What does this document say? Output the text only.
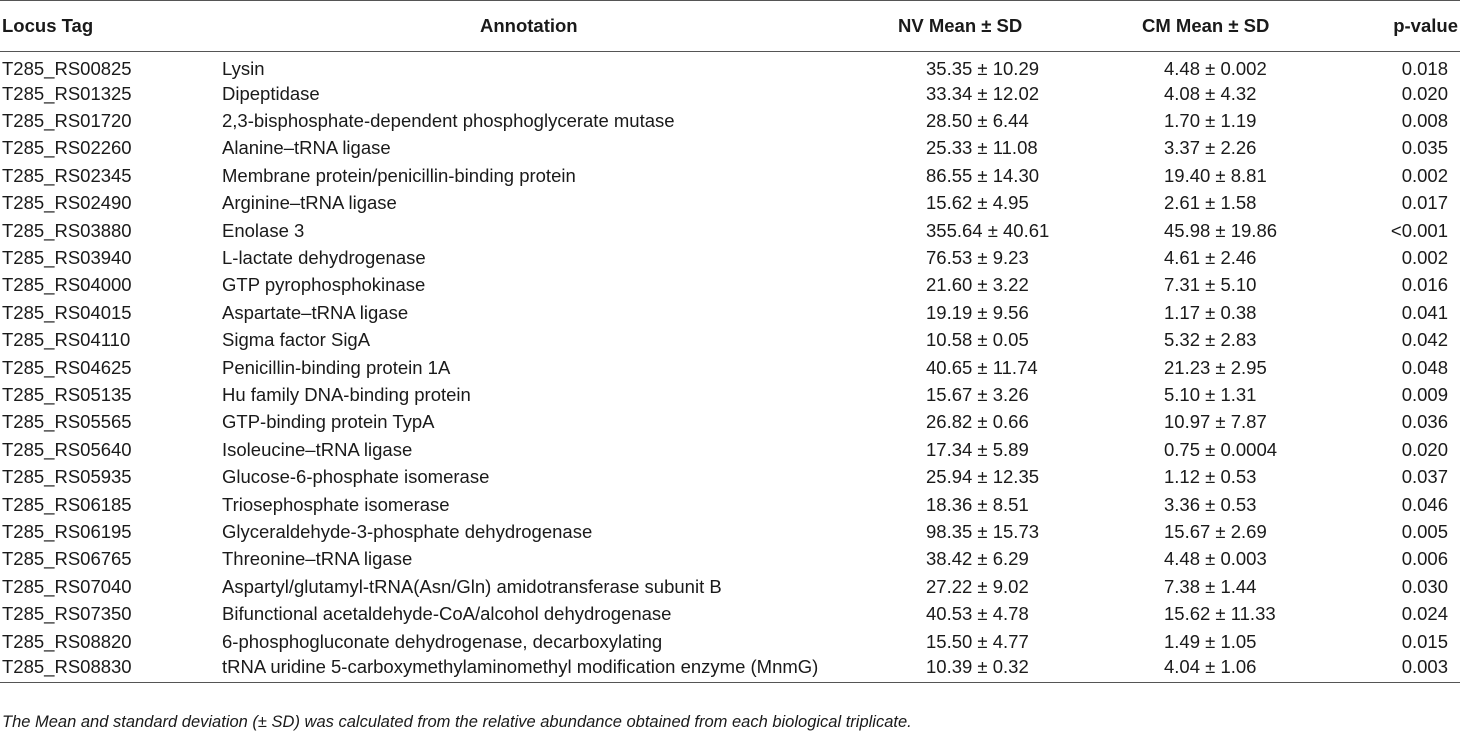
Locus Tag	Annotation	NV Mean ± SD	CM Mean ± SD	p-value
T285_RS00825	Lysin	35.35 ± 10.29	4.48 ± 0.002	0.018
T285_RS01325	Dipeptidase	33.34 ± 12.02	4.08 ± 4.32	0.020
T285_RS01720	2,3-bisphosphate-dependent phosphoglycerate mutase	28.50 ± 6.44	1.70 ± 1.19	0.008
T285_RS02260	Alanine–tRNA ligase	25.33 ± 11.08	3.37 ± 2.26	0.035
T285_RS02345	Membrane protein/penicillin-binding protein	86.55 ± 14.30	19.40 ± 8.81	0.002
T285_RS02490	Arginine–tRNA ligase	15.62 ± 4.95	2.61 ± 1.58	0.017
T285_RS03880	Enolase 3	355.64 ± 40.61	45.98 ± 19.86	<0.001
T285_RS03940	L-lactate dehydrogenase	76.53 ± 9.23	4.61 ± 2.46	0.002
T285_RS04000	GTP pyrophosphokinase	21.60 ± 3.22	7.31 ± 5.10	0.016
T285_RS04015	Aspartate–tRNA ligase	19.19 ± 9.56	1.17 ± 0.38	0.041
T285_RS04110	Sigma factor SigA	10.58 ± 0.05	5.32 ± 2.83	0.042
T285_RS04625	Penicillin-binding protein 1A	40.65 ± 11.74	21.23 ± 2.95	0.048
T285_RS05135	Hu family DNA-binding protein	15.67 ± 3.26	5.10 ± 1.31	0.009
T285_RS05565	GTP-binding protein TypA	26.82 ± 0.66	10.97 ± 7.87	0.036
T285_RS05640	Isoleucine–tRNA ligase	17.34 ± 5.89	0.75 ± 0.0004	0.020
T285_RS05935	Glucose-6-phosphate isomerase	25.94 ± 12.35	1.12 ± 0.53	0.037
T285_RS06185	Triosephosphate isomerase	18.36 ± 8.51	3.36 ± 0.53	0.046
T285_RS06195	Glyceraldehyde-3-phosphate dehydrogenase	98.35 ± 15.73	15.67 ± 2.69	0.005
T285_RS06765	Threonine–tRNA ligase	38.42 ± 6.29	4.48 ± 0.003	0.006
T285_RS07040	Aspartyl/glutamyl-tRNA(Asn/Gln) amidotransferase subunit B	27.22 ± 9.02	7.38 ± 1.44	0.030
T285_RS07350	Bifunctional acetaldehyde-CoA/alcohol dehydrogenase	40.53 ± 4.78	15.62 ± 11.33	0.024
T285_RS08820	6-phosphogluconate dehydrogenase, decarboxylating	15.50 ± 4.77	1.49 ± 1.05	0.015
T285_RS08830	tRNA uridine 5-carboxymethylaminomethyl modification enzyme (MnmG)	10.39 ± 0.32	4.04 ± 1.06	0.003
The Mean and standard deviation (± SD) was calculated from the relative abundance obtained from each biological triplicate.
